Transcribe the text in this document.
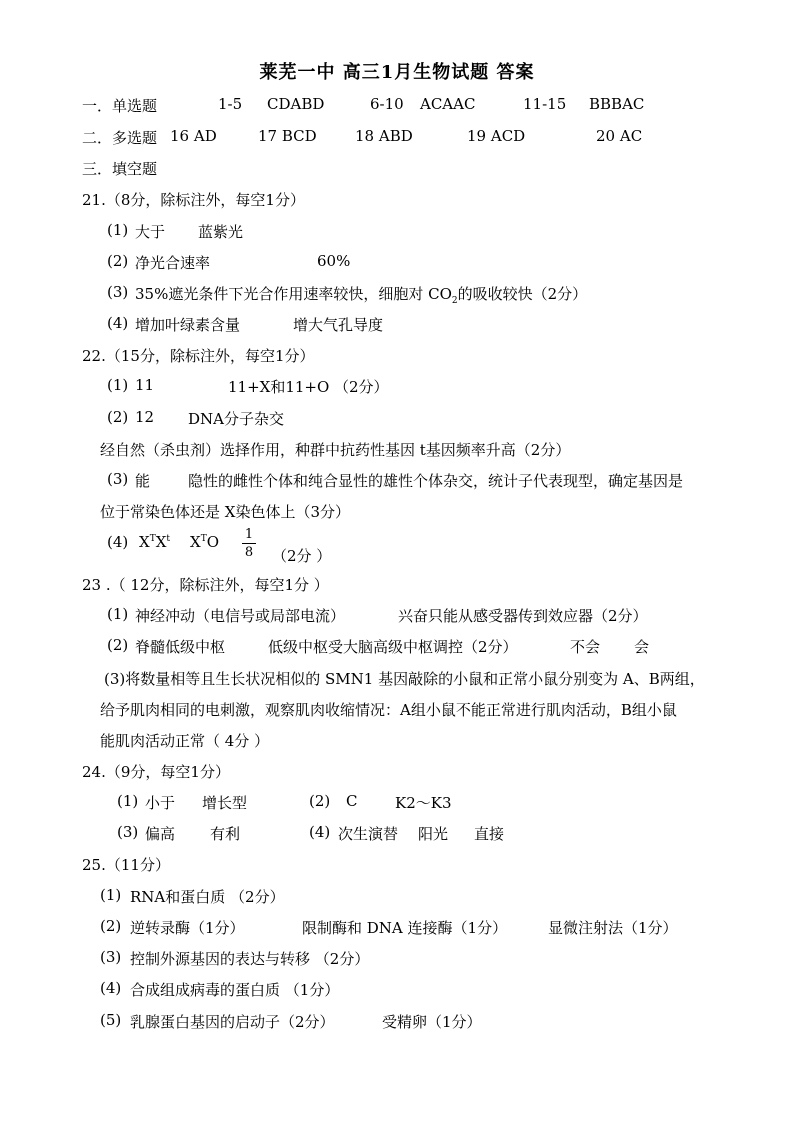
莱芜一中 高三1月生物试题 答案
一．单选题	1-5 CDABD	6-10 ACAAC	11-15 BBBAC
二．多选题 16 AD	17 BCD	18 ABD	19 ACD	20 AC
三．填空题
21.（8分，除标注外，每空1分）
(1) 大于 蓝紫光
(2) 净光合速率	60%
(3) 35%遮光条件下光合作用速率较快，细胞对 $CO_2$的吸收较快（2分）
(4) 增加叶绿素含量	增大气孔导度
22.（15分，除标注外，每空1分）
(1) 11	11+X和11+O （2分）
(2) 12 DNA分子杂交
经自然（杀虫剂）选择作用，种群中抗药性基因 t基因频率升高（2分）
(3) 能	隐性的雌性个体和纯合显性的雄性个体杂交，统计子代表现型，确定基因是
位于常染色体还是 X染色体上（3分）
(4) $X^TX^t$ $X^TO$ 1
8 （2分 ）
23 .（ 12分，除标注外，每空1分 ）
(1) 神经冲动（电信号或局部电流）	兴奋只能从感受器传到效应器（2分）
(2) 脊髓低级中枢	低级中枢受大脑高级中枢调控（2分）	不会 会
(3)将数量相等且生长状况相似的 SMN1 基因敲除的小鼠和正常小鼠分别变为 A、B两组，
给予肌肉相同的电刺激，观察肌肉收缩情况：A组小鼠不能正常进行肌肉活动，B组小鼠
能肌肉活动正常（ 4分 ）
24.（9分，每空1分）
(1) 小于 增长型	(2) C	K2～K3
(3) 偏高 有利	(4) 次生演替 阳光 直接
25.（11分）
(1) RNA和蛋白质 （2分）
(2) 逆转录酶（1分）	限制酶和 DNA 连接酶（1分）	显微注射法（1分）
(3) 控制外源基因的表达与转移 （2分）
(4) 合成组成病毒的蛋白质 （1分）
(5) 乳腺蛋白基因的启动子（2分）	受精卵（1分）
